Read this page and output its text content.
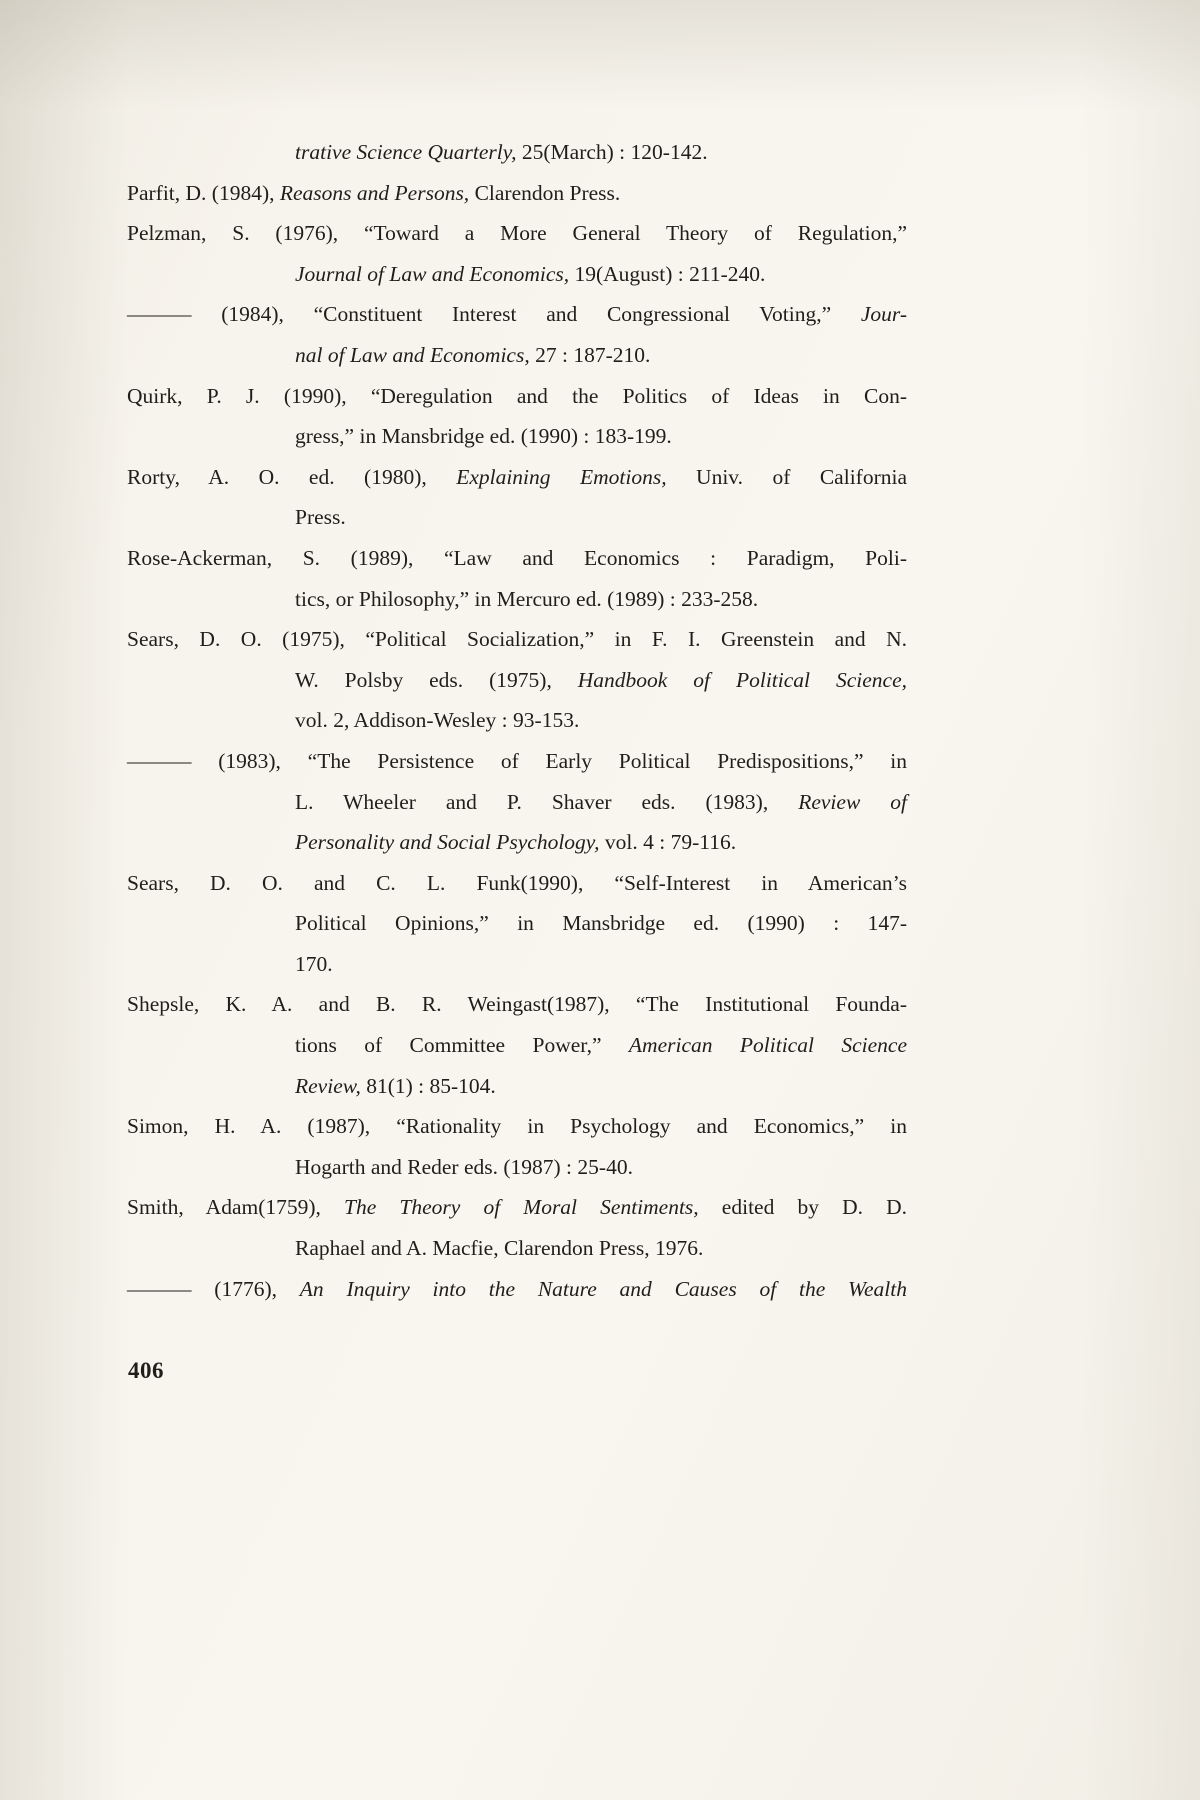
trative Science Quarterly, 25(March) : 120-142.
Parfit, D. (1984), Reasons and Persons, Clarendon Press.
Pelzman, S. (1976), “Toward a More General Theory of Regulation,”
Journal of Law and Economics, 19(August) : 211-240.
——— (1984), “Constituent Interest and Congressional Voting,” Jour-
nal of Law and Economics, 27 : 187-210.
Quirk, P. J. (1990), “Deregulation and the Politics of Ideas in Con-
gress,” in Mansbridge ed. (1990) : 183-199.
Rorty, A. O. ed. (1980), Explaining Emotions, Univ. of California
Press.
Rose-Ackerman, S. (1989), “Law and Economics : Paradigm, Poli-
tics, or Philosophy,” in Mercuro ed. (1989) : 233-258.
Sears, D. O. (1975), “Political Socialization,” in F. I. Greenstein and N.
W. Polsby eds. (1975), Handbook of Political Science,
vol. 2, Addison-Wesley : 93-153.
——— (1983), “The Persistence of Early Political Predispositions,” in
L. Wheeler and P. Shaver eds. (1983), Review of
Personality and Social Psychology, vol. 4 : 79-116.
Sears, D. O. and C. L. Funk(1990), “Self-Interest in American’s
Political Opinions,” in Mansbridge ed. (1990) : 147-
170.
Shepsle, K. A. and B. R. Weingast(1987), “The Institutional Founda-
tions of Committee Power,” American Political Science
Review, 81(1) : 85-104.
Simon, H. A. (1987), “Rationality in Psychology and Economics,” in
Hogarth and Reder eds. (1987) : 25-40.
Smith, Adam(1759), The Theory of Moral Sentiments, edited by D. D.
Raphael and A. Macfie, Clarendon Press, 1976.
——— (1776), An Inquiry into the Nature and Causes of the Wealth
406
